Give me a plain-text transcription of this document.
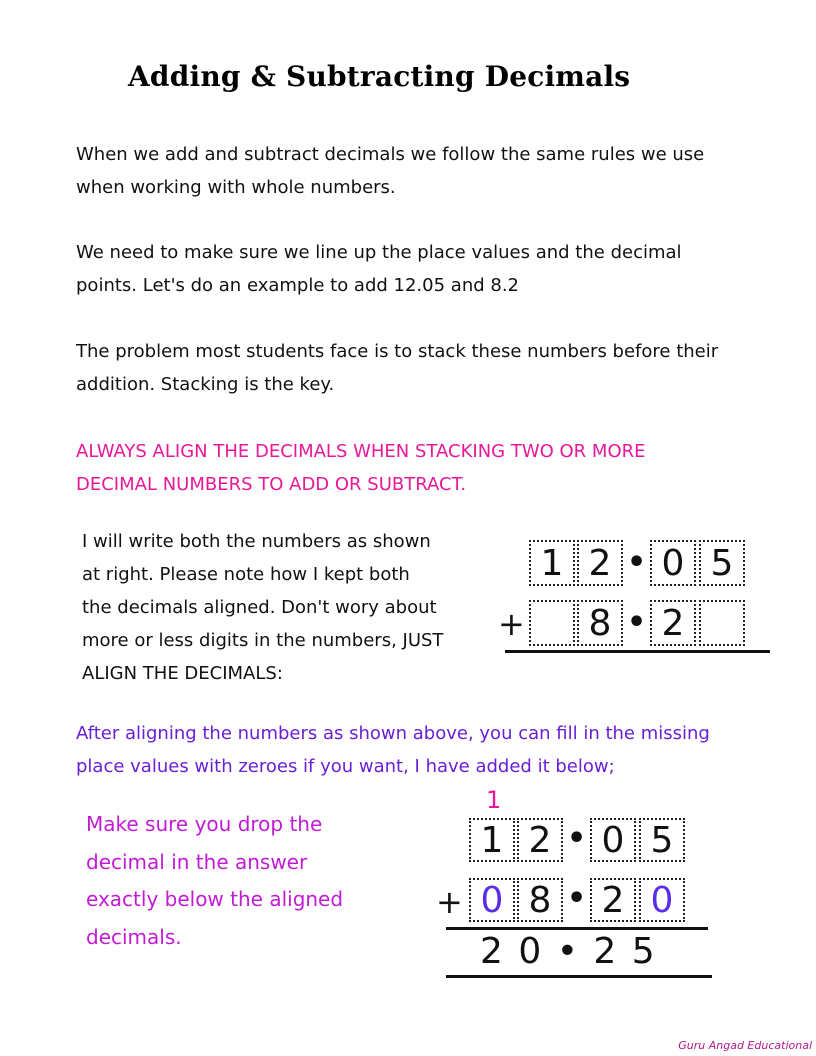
Adding & Subtracting Decimals
When we add and subtract decimals we follow the same rules we use
when working with whole numbers.
We need to make sure we line up the place values and the decimal
points. Let's do an example to add 12.05 and 8.2
The problem most students face is to stack these numbers before their
addition. Stacking is the key.
ALWAYS ALIGN THE DECIMALS WHEN STACKING TWO OR MORE
DECIMAL NUMBERS TO ADD OR SUBTRACT.
I will write both the numbers as shown
at right. Please note how I kept both
the decimals aligned. Don't wory about
more or less digits in the numbers, JUST
ALIGN THE DECIMALS:
1 2 • 0 5
+	8 • 2
After aligning the numbers as shown above, you can fill in the missing
place values with zeroes if you want, I have added it below;
Make sure you drop the
decimal in the answer
exactly below the aligned
decimals.
1
1 2 • 0 5
+ 0 8 • 2 0
2 0 • 2 5
Guru Angad Educational
